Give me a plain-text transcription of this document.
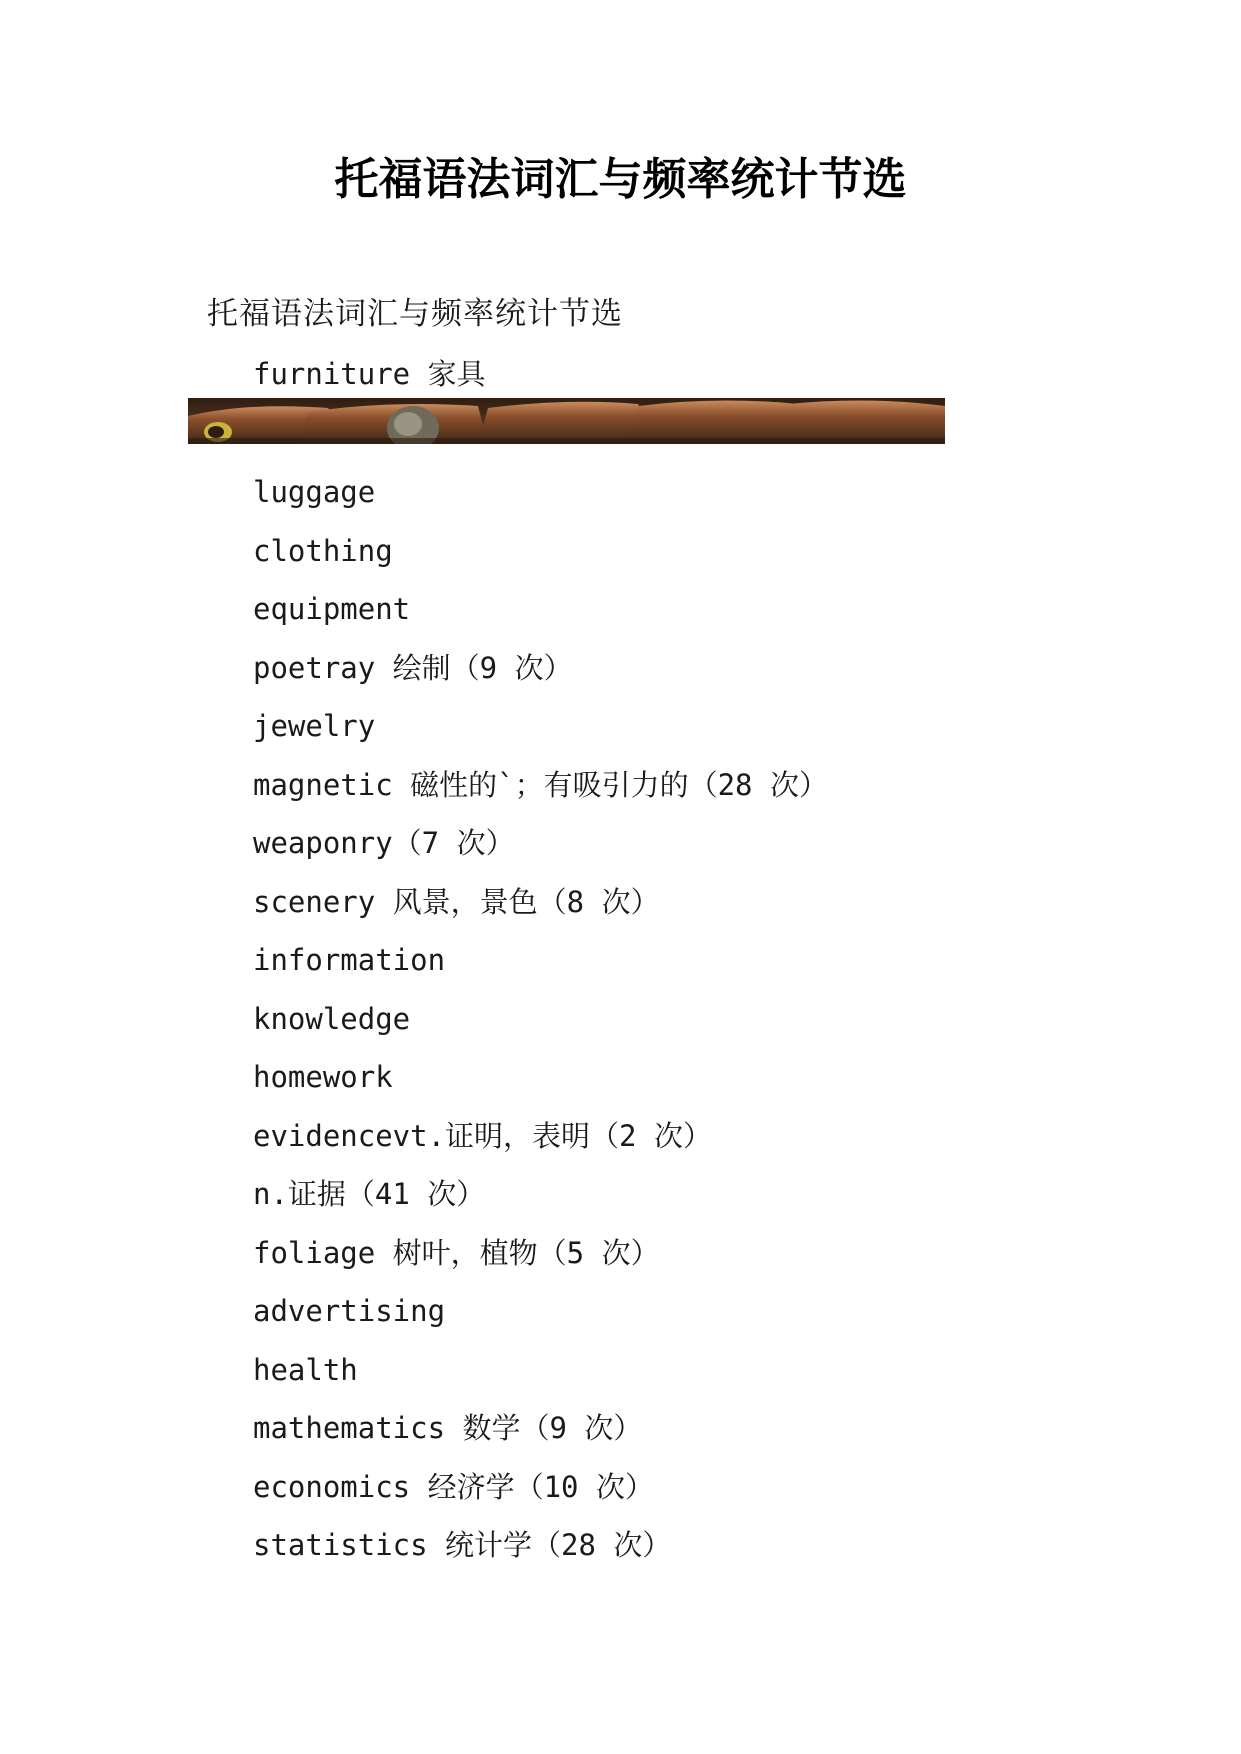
托福语法词汇与频率统计节选

托福语法词汇与频率统计节选

furniture 家具

luggage
clothing
equipment
poetray 绘制（9 次）
jewelry
magnetic 磁性的`；有吸引力的（28 次）
weaponry（7 次）
scenery 风景，景色（8 次）
information
knowledge
homework
evidencevt.证明，表明（2 次）
n.证据（41 次）
foliage 树叶，植物（5 次）
advertising
health
mathematics 数学（9 次）
economics 经济学（10 次）
statistics 统计学（28 次）
